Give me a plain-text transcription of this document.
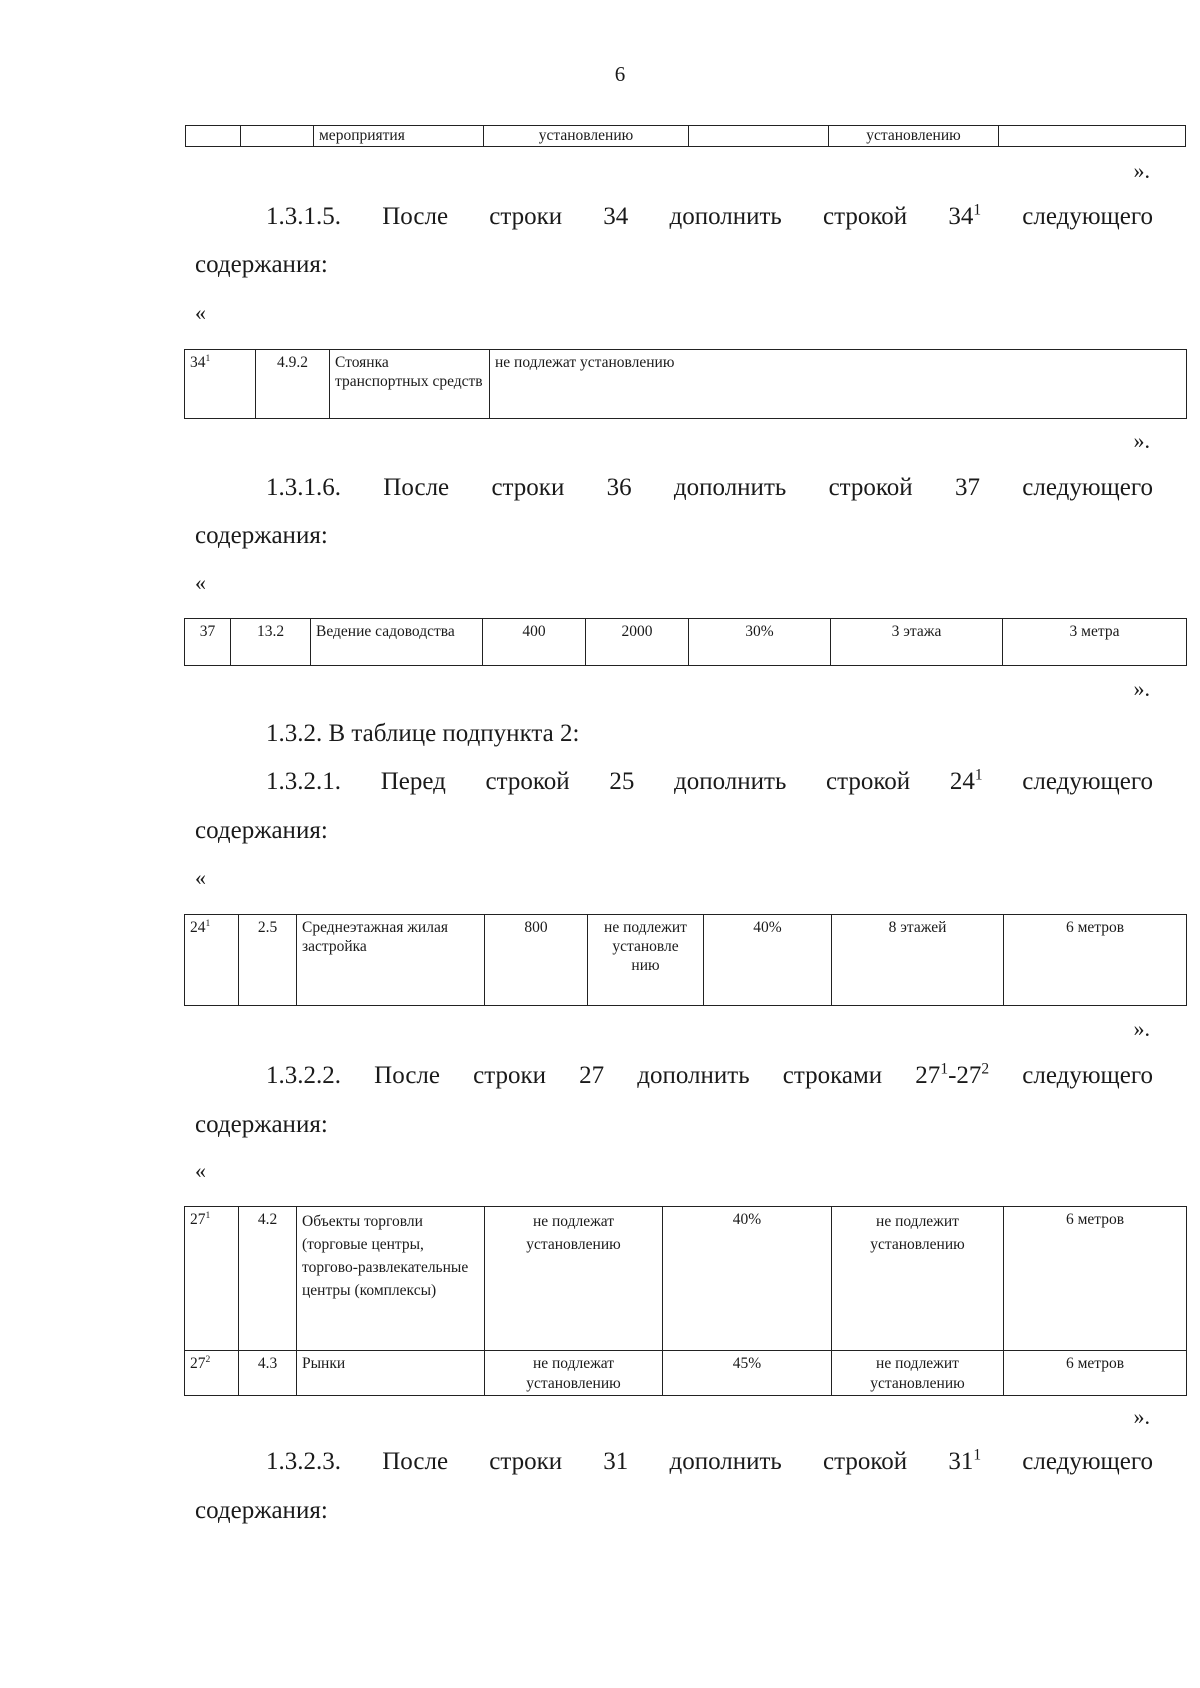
6
		мероприятия	установлению		установлению	
».
1.3.1.5. После строки 34 дополнить строкой $34^1$ следующего
содержания:
«
$34^1$	4.9.2	Стоянка транспортных средств	не подлежат установлению
».
1.3.1.6. После строки 36 дополнить строкой 37 следующего
содержания:
«
37	13.2	Ведение садоводства	400	2000	30%	3 этажа	3 метра
».
1.3.2. В таблице подпункта 2:
1.3.2.1. Перед строкой 25 дополнить строкой $24^1$ следующего
содержания:
«
$24^1$	2.5	Среднеэтажная жилая застройка	800	не подлежит установле нию	40%	8 этажей	6 метров
».
1.3.2.2. После строки 27 дополнить строками $27^1-27^2$ следующего
содержания:
«
$27^1$	4.2	Объекты торговли (торговые центры, торгово-развлекательные центры (комплексы)	не подлежат установлению	40%	не подлежит установлению	6 метров
$27^2$	4.3	Рынки	не подлежат установлению	45%	не подлежит установлению	6 метров
».
1.3.2.3. После строки 31 дополнить строкой $31^1$ следующего
содержания:
